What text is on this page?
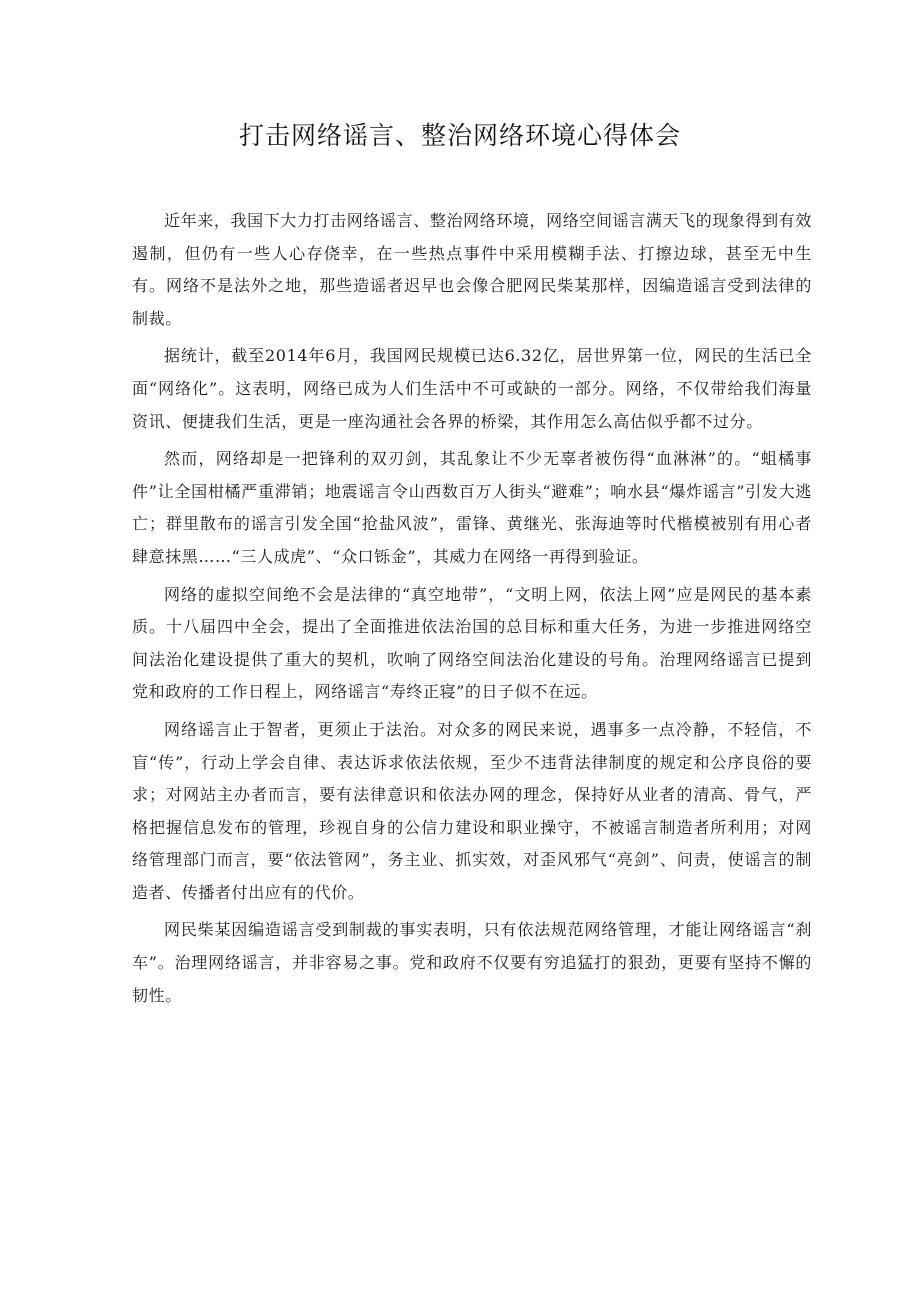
打击网络谣言、整治网络环境心得体会

近年来，我国下大力打击网络谣言、整治网络环境，网络空间谣言满天飞的现象得到有效遏制，但仍有一些人心存侥幸，在一些热点事件中采用模糊手法、打擦边球，甚至无中生有。网络不是法外之地，那些造谣者迟早也会像合肥网民柴某那样，因编造谣言受到法律的制裁。

据统计，截至2014年6月，我国网民规模已达6.32亿，居世界第一位，网民的生活已全面“网络化”。这表明，网络已成为人们生活中不可或缺的一部分。网络，不仅带给我们海量资讯、便捷我们生活，更是一座沟通社会各界的桥梁，其作用怎么高估似乎都不过分。

然而，网络却是一把锋利的双刃剑，其乱象让不少无辜者被伤得“血淋淋”的。“蛆橘事件”让全国柑橘严重滞销；地震谣言令山西数百万人街头“避难”；响水县“爆炸谣言”引发大逃亡；群里散布的谣言引发全国“抢盐风波”，雷锋、黄继光、张海迪等时代楷模被别有用心者肆意抹黑……“三人成虎”、“众口铄金”，其威力在网络一再得到验证。

网络的虚拟空间绝不会是法律的“真空地带”，“文明上网，依法上网”应是网民的基本素质。十八届四中全会，提出了全面推进依法治国的总目标和重大任务，为进一步推进网络空间法治化建设提供了重大的契机，吹响了网络空间法治化建设的号角。治理网络谣言已提到党和政府的工作日程上，网络谣言“寿终正寝”的日子似不在远。

网络谣言止于智者，更须止于法治。对众多的网民来说，遇事多一点冷静，不轻信，不盲“传”，行动上学会自律、表达诉求依法依规，至少不违背法律制度的规定和公序良俗的要求；对网站主办者而言，要有法律意识和依法办网的理念，保持好从业者的清高、骨气，严格把握信息发布的管理，珍视自身的公信力建设和职业操守，不被谣言制造者所利用；对网络管理部门而言，要“依法管网”，务主业、抓实效，对歪风邪气“亮剑”、问责，使谣言的制造者、传播者付出应有的代价。

网民柴某因编造谣言受到制裁的事实表明，只有依法规范网络管理，才能让网络谣言“刹车”。治理网络谣言，并非容易之事。党和政府不仅要有穷追猛打的狠劲，更要有坚持不懈的韧性。
